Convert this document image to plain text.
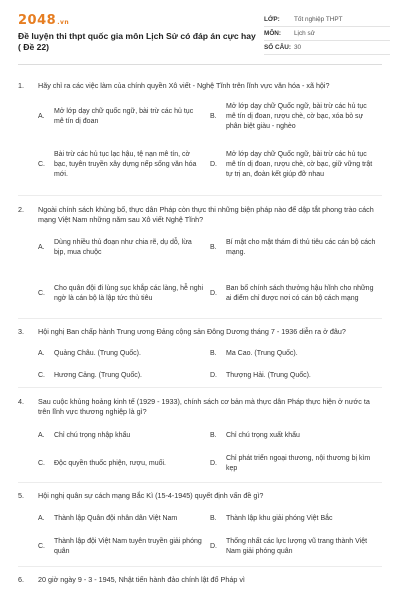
2048.vn
Đề luyện thi thpt quốc gia môn Lịch Sử có đáp án cực hay ( Đề 22)
LỚP:	Tốt nghiệp THPT
MÔN:	Lịch sử
SỐ CÂU: 30
1.	Hãy chỉ ra các việc làm của chính quyền Xô viết - Nghệ Tĩnh trên lĩnh vực văn hóa - xã hội?
A.
Mở lớp dạy chữ quốc ngữ, bài trừ các hủ tục mê tín dị đoan
B.
Mở lớp dạy chữ Quốc ngữ, bài trừ các hủ tục mê tín dị đoan, rượu chè, cờ bạc, xóa bỏ sự phân biệt giàu - nghèo
C.
Bài trừ các hủ tục lạc hậu, tệ nạn mê tín, cờ bạc, tuyên truyền xây dựng nếp sống văn hóa mới.
D.
Mở lớp dạy chữ Quốc ngữ, bài trừ các hủ tục mê tín dị đoan, rượu chè, cờ bạc, giữ vững trật tự trị an, đoàn kết giúp đỡ nhau
2.	Ngoài chính sách khủng bố, thực dân Pháp còn thực thi những biện pháp nào để dập tắt phong trào cách mạng Việt Nam những năm sau Xô viết Nghệ Tĩnh?
A.
Dùng nhiều thủ đoạn như chia rẽ, dụ dỗ, lừa bịp, mua chuộc
B.
Bí mật cho mật thám đi thủ tiêu các cán bộ cách mạng.
C.
Cho quân đội đi lùng sục khắp các làng, hễ nghi ngờ là cán bộ là lập tức thủ tiêu
D.
Ban bố chính sách thưởng hậu hĩnh cho những ai điểm chỉ được nơi có cán bộ cách mạng
3.	Hội nghị Ban chấp hành Trung ương Đảng cộng sản Đông Dương tháng 7 - 1936 diễn ra ở đâu?
A.	Quảng Châu. (Trung Quốc).	B.	Ma Cao. (Trung Quốc).
C.	Hương Cảng. (Trung Quốc).	D.	Thượng Hải. (Trung Quốc).
4.	Sau cuộc khủng hoảng kinh tế (1929 - 1933), chính sách cơ bản mà thực dân Pháp thực hiện ở nước ta trên lĩnh vực thương nghiệp là gì?
A.	Chỉ chú trọng nhập khẩu	B.	Chỉ chú trọng xuất khẩu
C.	Độc quyền thuốc phiện, rượu, muối.	D.
Chỉ phát triển ngoại thương, nội thương bị kìm kẹp
5.	Hội nghị quân sự cách mạng Bắc Kì (15-4-1945) quyết định vấn đề gì?
A.	Thành lập Quân đội nhân dân Việt Nam	B.	Thành lập khu giải phóng Việt Bắc
C.
Thành lập đội Việt Nam tuyên truyền giải phóng quân
D.
Thống nhất các lực lượng vũ trang thành Việt Nam giải phóng quân
6.	20 giờ ngày 9 - 3 - 1945, Nhật tiến hành đảo chính lật đổ Pháp vì
